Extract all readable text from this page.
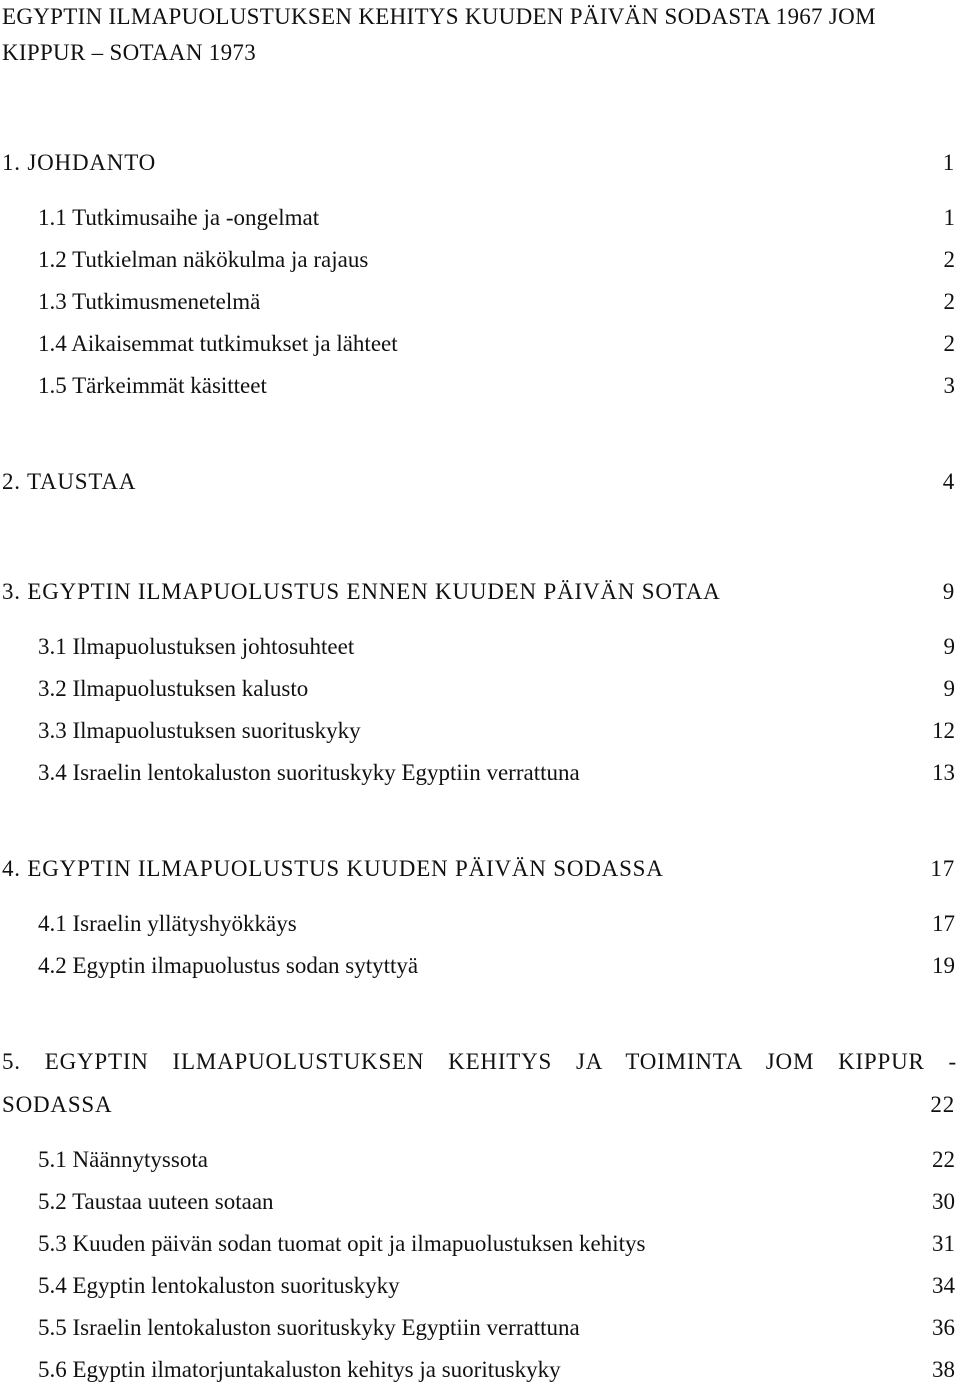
EGYPTIN ILMAPUOLUSTUKSEN KEHITYS KUUDEN PÄIVÄN SODASTA 1967 JOM
KIPPUR – SOTAAN 1973
1. JOHDANTO	1
1.1 Tutkimusaihe ja -ongelmat	1
1.2 Tutkielman näkökulma ja rajaus	2
1.3 Tutkimusmenetelmä	2
1.4 Aikaisemmat tutkimukset ja lähteet	2
1.5 Tärkeimmät käsitteet	3
2. TAUSTAA	4
3. EGYPTIN ILMAPUOLUSTUS ENNEN KUUDEN PÄIVÄN SOTAA	9
3.1 Ilmapuolustuksen johtosuhteet	9
3.2 Ilmapuolustuksen kalusto	9
3.3 Ilmapuolustuksen suorituskyky	12
3.4 Israelin lentokaluston suorituskyky Egyptiin verrattuna	13
4. EGYPTIN ILMAPUOLUSTUS KUUDEN PÄIVÄN SODASSA	17
4.1 Israelin yllätyshyökkäys	17
4.2 Egyptin ilmapuolustus sodan sytyttyä	19
5. EGYPTIN ILMAPUOLUSTUKSEN KEHITYS JA TOIMINTA JOM KIPPUR -
SODASSA	22
5.1 Näännytyssota	22
5.2 Taustaa uuteen sotaan	30
5.3 Kuuden päivän sodan tuomat opit ja ilmapuolustuksen kehitys	31
5.4 Egyptin lentokaluston suorituskyky	34
5.5 Israelin lentokaluston suorituskyky Egyptiin verrattuna	36
5.6 Egyptin ilmatorjuntakaluston kehitys ja suorituskyky	38
